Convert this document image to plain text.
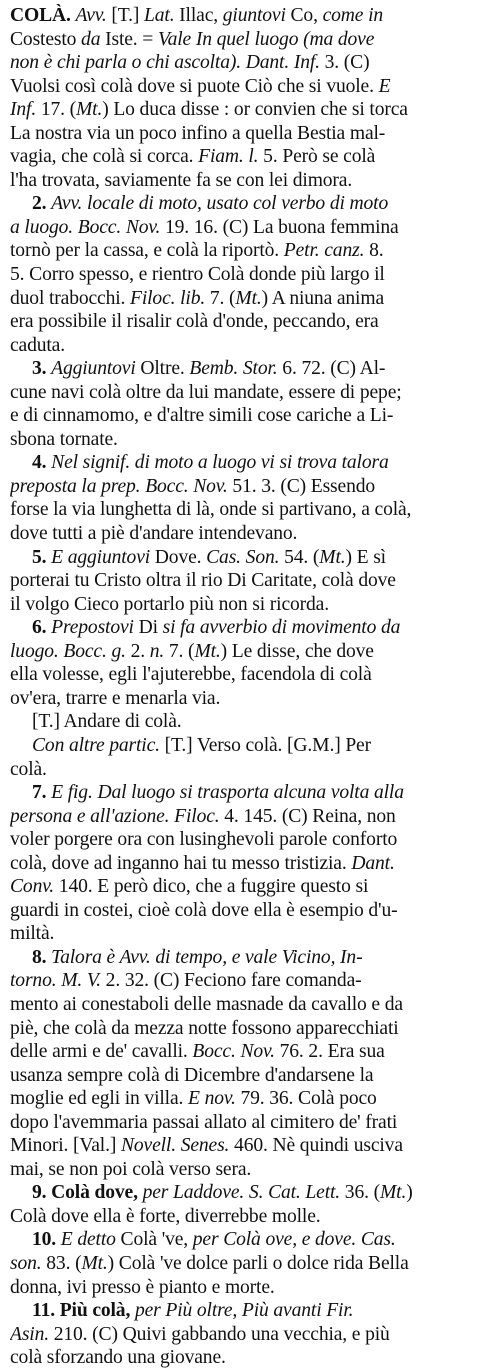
COLÀ. Avv. [T.] Lat. Illac, giuntovi Co, come in
Costesto da Iste. = Vale In quel luogo (ma dove
non è chi parla o chi ascolta). Dant. Inf. 3. (C)
Vuolsi così colà dove si puote Ciò che si vuole. E
Inf. 17. (Mt.) Lo duca disse : or convien che si torca
La nostra via un poco infino a quella Bestia mal-
vagia, che colà si corca. Fiam. l. 5. Però se colà
l'ha trovata, saviamente fa se con lei dimora.
2. Avv. locale di moto, usato col verbo di moto
a luogo. Bocc. Nov. 19. 16. (C) La buona femmina
tornò per la cassa, e colà la riportò. Petr. canz. 8.
5. Corro spesso, e rientro Colà donde più largo il
duol trabocchi. Filoc. lib. 7. (Mt.) A niuna anima
era possibile il risalir colà d'onde, peccando, era
caduta.
3. Aggiuntovi Oltre. Bemb. Stor. 6. 72. (C) Al-
cune navi colà oltre da lui mandate, essere di pepe;
e di cinnamomo, e d'altre simili cose cariche a Li-
sbona tornate.
4. Nel signif. di moto a luogo vi si trova talora
preposta la prep. Bocc. Nov. 51. 3. (C) Essendo
forse la via lunghetta di là, onde si partivano, a colà,
dove tutti a piè d'andare intendevano.
5. E aggiuntovi Dove. Cas. Son. 54. (Mt.) E sì
porterai tu Cristo oltra il rio Di Caritate, colà dove
il volgo Cieco portarlo più non si ricorda.
6. Prepostovi Di si fa avverbio di movimento da
luogo. Bocc. g. 2. n. 7. (Mt.) Le disse, che dove
ella volesse, egli l'ajuterebbe, facendola di colà
ov'era, trarre e menarla via.
[T.] Andare di colà.
Con altre partic. [T.] Verso colà. [G.M.] Per
colà.
7. E fig. Dal luogo si trasporta alcuna volta alla
persona e all'azione. Filoc. 4. 145. (C) Reina, non
voler porgere ora con lusinghevoli parole conforto
colà, dove ad inganno hai tu messo tristizia. Dant.
Conv. 140. E però dico, che a fuggire questo si
guardi in costei, cioè colà dove ella è esempio d'u-
miltà.
8. Talora è Avv. di tempo, e vale Vicino, In-
torno. M. V. 2. 32. (C) Feciono fare comanda-
mento ai conestaboli delle masnade da cavallo e da
piè, che colà da mezza notte fossono apparecchiati
delle armi e de' cavalli. Bocc. Nov. 76. 2. Era sua
usanza sempre colà di Dicembre d'andarsene la
moglie ed egli in villa. E nov. 79. 36. Colà poco
dopo l'avemmaria passai allato al cimitero de' frati
Minori. [Val.] Novell. Senes. 460. Nè quindi usciva
mai, se non poi colà verso sera.
9. Colà dove, per Laddove. S. Cat. Lett. 36. (Mt.)
Colà dove ella è forte, diverrebbe molle.
10. E detto Colà 've, per Colà ove, e dove. Cas.
son. 83. (Mt.) Colà 've dolce parli o dolce rida Bella
donna, ivi presso è pianto e morte.
11. Più colà, per Più oltre, Più avanti Fir.
Asin. 210. (C) Quivi gabbando una vecchia, e più
colà sforzando una giovane.
